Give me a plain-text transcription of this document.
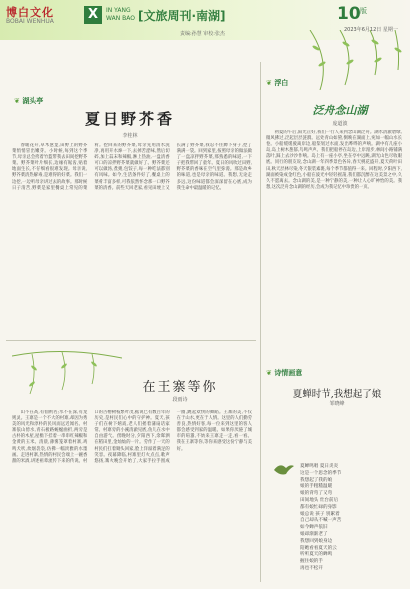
博白文化
BOBAI WENHUA	X	IN YANG
WAN BAO [文旅周刊·南湖]
责编:孙慧 审校:张杰
10 版
2023年6月12日 星期一
❦ 湖头亭
夏日野芥香
李桂林

春暖花开,草木葱茏,田野上的野芥菜悄悄冒出嫩芽。小时候,每到这个季节,母亲总会挎着竹篮带我去田间挖野芥菜。野芥菜叶片细长,边缘有锯齿,贴着地面生长,不仔细看很难发现。母亲说,野芥菜清热解毒,是难得的好菜。我们一边挖,一边听母亲讲过去的故事。那时候日子清苦,野菜是家里餐桌上常见的菜肴。挖回来的野芥菜,母亲先用清水洗净,再用开水焯一下,去掉苦涩味,然后切碎,加上蒜末和辣椒,淋上热油,一盘清香可口的凉拌野芥菜就做好了。野芥菜还可以做汤,煮粥,包饺子,每一种吃法都别有风味。如今,生活条件好了,餐桌上的菜肴丰富多样,可我依然怀念那一口野芥菜的清香。前些天回老家,看见田埂上又长满了野芥菜,我忍不住蹲下身子,挖了满满一袋。回到家里,按照母亲的做法做了一盘凉拌野芥菜,那熟悉的味道,一下子把我带回了童年。夏日的风吹过田野,野芥菜的香味在空气里弥漫。那是故乡的味道,也是母亲的味道。我想,无论走多远,这份味道都会深深留在心底,成为我生命中最温暖的记忆。

在王寨等你
段雨诗

山不在高,有仙则名;水不在深,有龙则灵。王寨是一个不大的村寨,却因为秀美的风光和淳朴的民风而远近闻名。村寨依山傍水,青石板路蜿蜒曲折,两旁是古朴的木屋,屋檐下挂着一串串红辣椒和金黄的玉米。清晨,薄雾笼罩着村寨,鸡鸣犬吠,炊烟袅袅,仿佛一幅淡雅的水墨画。走进村寨,热情的村民会端上一碗香甜的米酒,讲述祖辈流传下来的传说。村口的古榕树枝繁叶茂,据说已有数百年的历史,是村民们心中的守护神。夏天,孩子们在树下嬉戏,老人们摇着蒲扇话家常。村寨旁的小溪清澈见底,鱼儿在水中自由游弋。傍晚时分,夕阳西下,余晖洒在稻田里,金灿灿的一片。劳作了一天的村民们扛着锄头回家,脸上洋溢着满足的笑容。夜幕降临,村寨里灯火点点,歌声悠扬,篝火晚会开始了,大家手拉手围成一圈,跳起欢快的舞蹈。王寨的美,不仅在于山水,更在于人情。这里的人们勤劳善良,热情好客,每一位来到这里的客人都会感受到家的温暖。如果你厌倦了城市的喧嚣,不妨来王寨走一走,看一看。我在王寨等你,等你来感受这份宁静与美好。

❦ 浮白
泛舟念山湖
庞道波

初夏的午后,阳光正好,我们一行人来到念山湖泛舟。湖水清澈碧绿,微风拂过,泛起层层涟漪。远处青山如黛,倒映在湖面上,宛如一幅山水长卷。小船缓缓驶离岸边,船桨划过水面,发出哗哗的声响。湖中有几座小岛,岛上树木葱郁,鸟鸣声声。我们把船停在岛边,上岸漫步,林间小路铺满落叶,踩上去沙沙作响。岛上有一座小亭,坐在亭中远眺,湖光山色尽收眼底。同行的朋友说,念山湖一年四季景色各异,春天桃花盛开,夏天荷叶田田,秋天层林尽染,冬天银装素裹,每个季节都值得一来。回程时,夕阳西下,湖面被染成金红色,小船在波光中轻轻摇荡,我们都沉醉在这美景之中,久久不愿离去。念山湖的美,是一种宁静的美,一种让人心旷神怡的美。我想,这次泛舟念山湖的经历,会成为我记忆中珍贵的一页。

❦ 诗情画意
夏蝉时节,我想起了娘
邹晓峰
夏蝉鸣唱 夏日炎炎
这是一个思念的季节
我想起了我的娘
娘的手粗糙温暖
娘的背弯了又弯
田间地头 灶台前后
都有娘忙碌的身影
娘总说 孩子 别累着
自己却从不喊一声苦
如今蝉声依旧
娘却渐渐老了
我想回到娘身边
陪她看看夏天的云
听听夏天的蝉鸣
握住娘的手
再也不松开
